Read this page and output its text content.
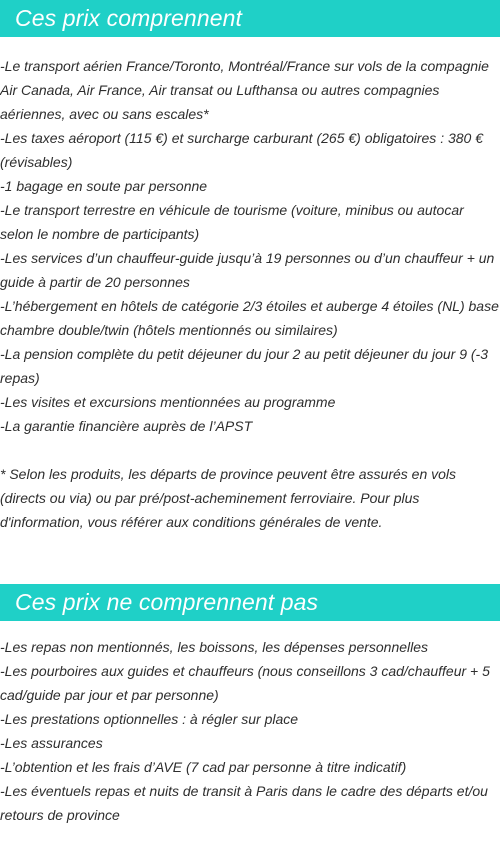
Ces prix comprennent
-Le transport aérien France/Toronto, Montréal/France sur vols de la compagnie Air Canada, Air France, Air transat ou Lufthansa ou autres compagnies aériennes, avec ou sans escales*
-Les taxes aéroport (115 €) et surcharge carburant (265 €) obligatoires : 380 € (révisables)
-1 bagage en soute par personne
-Le transport terrestre en véhicule de tourisme (voiture, minibus ou autocar selon le nombre de participants)
-Les services d’un chauffeur-guide jusqu’à 19 personnes ou d’un chauffeur + un guide à partir de 20 personnes
-L’hébergement en hôtels de catégorie 2/3 étoiles et auberge 4 étoiles (NL) base chambre double/twin (hôtels mentionnés ou similaires)
-La pension complète du petit déjeuner du jour 2 au petit déjeuner du jour 9 (-3 repas)
-Les visites et excursions mentionnées au programme
-La garantie financière auprès de l’APST

* Selon les produits, les départs de province peuvent être assurés en vols (directs ou via) ou par pré/post-acheminement ferroviaire. Pour plus d'information, vous référer aux conditions générales de vente.

Ces prix ne comprennent pas
-Les repas non mentionnés, les boissons, les dépenses personnelles
-Les pourboires aux guides et chauffeurs (nous conseillons 3 cad/chauffeur + 5 cad/guide par jour et par personne)
-Les prestations optionnelles : à régler sur place
-Les assurances
-L’obtention et les frais d’AVE (7 cad par personne à titre indicatif)
-Les éventuels repas et nuits de transit à Paris dans le cadre des départs et/ou retours de province
